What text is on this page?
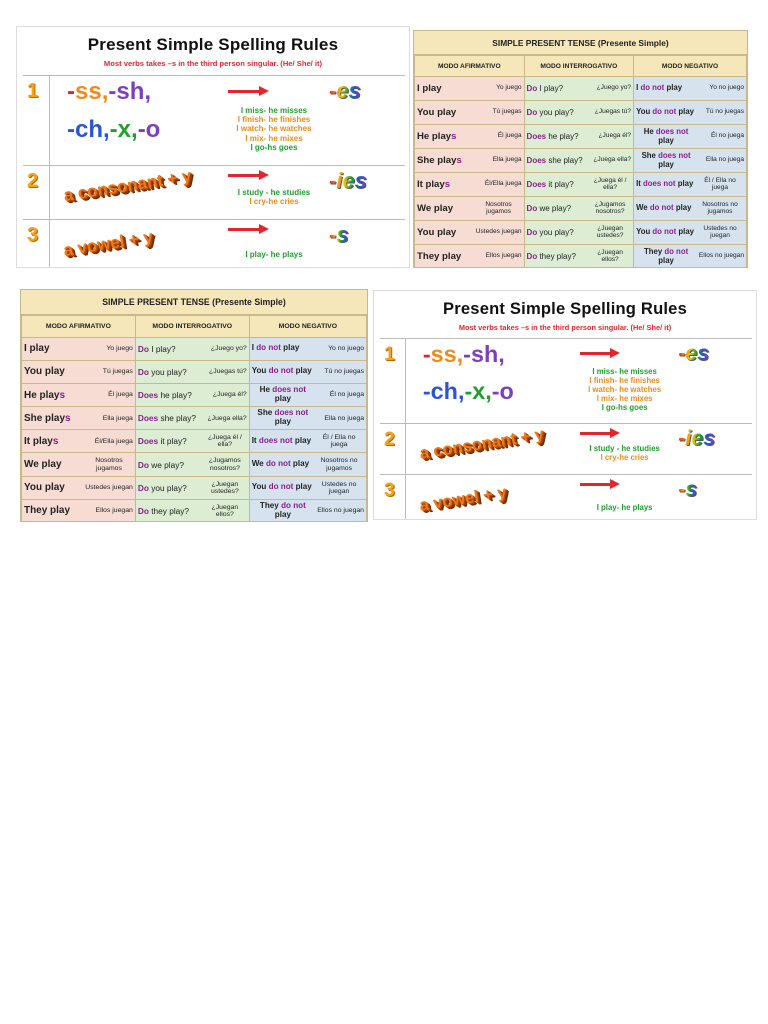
Present Simple Spelling Rules
Most verbs takes –s in the third person singular. (He/ She/ it)
1 -ss,-sh,
-ch,-x,-o
-es
I miss- he misses
I finish- he finishes
I watch- he watches
I mix- he mixes
I go-hs goes
2 a consonant + y	-ies
I study - he studies
I cry-he cries
3 a vowel + y	-s
I play- he plays
SIMPLE PRESENT TENSE (Presente Simple)
MODO AFIRMATIVO	MODO INTERROGATIVO	MODO NEGATIVO

I play Yo juego	Do I play? ¿Juego yo?	I do not play Yo no juego

You play Tú juegas	Do you play? ¿Juegas tú?	You do not play Tú no juegas

He plays Él juega	Does he play? ¿Juega él?	He does not play Él no juega

She plays Ella juega	Does she play? ¿Juega ella?	She does not play Ella no juega

It plays Él/Ella juega	Does it play? ¿Juega él / ella?	It does not play Él / Ella no juega

We play Nosotros jugamos	Do we play? ¿Jugamos nosotros?	We do not play Nosotros no jugamos

You play Ustedes juegan	Do you play? ¿Juegan ustedes?	You do not play Ustedes no juegan

They play Ellos juegan	Do they play? ¿Juegan ellos?	They do not play Ellos no juegan
SIMPLE PRESENT TENSE (Presente Simple)
MODO AFIRMATIVO	MODO INTERROGATIVO	MODO NEGATIVO

I play Yo juego	Do I play? ¿Juego yo?	I do not play Yo no juego

You play Tú juegas	Do you play? ¿Juegas tú?	You do not play Tú no juegas

He plays Él juega	Does he play? ¿Juega él?	He does not play Él no juega

She plays Ella juega	Does she play? ¿Juega ella?	She does not play Ella no juega

It plays Él/Ella juega	Does it play? ¿Juega él / ella?	It does not play Él / Ella no juega

We play Nosotros jugamos	Do we play? ¿Jugamos nosotros?	We do not play Nosotros no jugamos

You play Ustedes juegan	Do you play? ¿Juegan ustedes?	You do not play Ustedes no juegan

They play Ellos juegan	Do they play? ¿Juegan ellos?	They do not play Ellos no juegan
Present Simple Spelling Rules
Most verbs takes –s in the third person singular. (He/ She/ it)
1 -ss,-sh,
-ch,-x,-o
-es
I miss- he misses
I finish- he finishes
I watch- he watches
I mix- he mixes
I go-hs goes
2 a consonant + y	-ies
I study - he studies
I cry-he cries
3 a vowel + y	-s
I play- he plays
